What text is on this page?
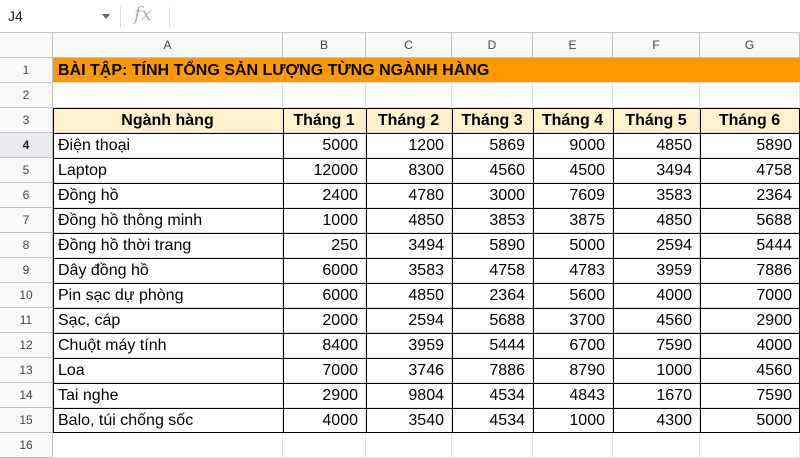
J4	fx
A	B	C	D	E	F	G
1
2
3
4
5
6
7
8
9
10
11
12
13
14
15
16
BÀI TẬP: TÍNH TỔNG SẢN LƯỢNG TỪNG NGÀNH HÀNG
Ngành hàng	Tháng 1	Tháng 2	Tháng 3	Tháng 4	Tháng 5	Tháng 6
Điện thoại	5000	1200	5869	9000	4850	5890
Laptop	12000	8300	4560	4500	3494	4758
Đồng hồ	2400	4780	3000	7609	3583	2364
Đồng hồ thông minh	1000	4850	3853	3875	4850	5688
Đồng hồ thời trang	250	3494	5890	5000	2594	5444
Dây đồng hồ	6000	3583	4758	4783	3959	7886
Pin sạc dự phòng	6000	4850	2364	5600	4000	7000
Sạc, cáp	2000	2594	5688	3700	4560	2900
Chuột máy tính	8400	3959	5444	6700	7590	4000
Loa	7000	3746	7886	8790	1000	4560
Tai nghe	2900	9804	4534	4843	1670	7590
Balo, túi chống sốc	4000	3540	4534	1000	4300	5000
